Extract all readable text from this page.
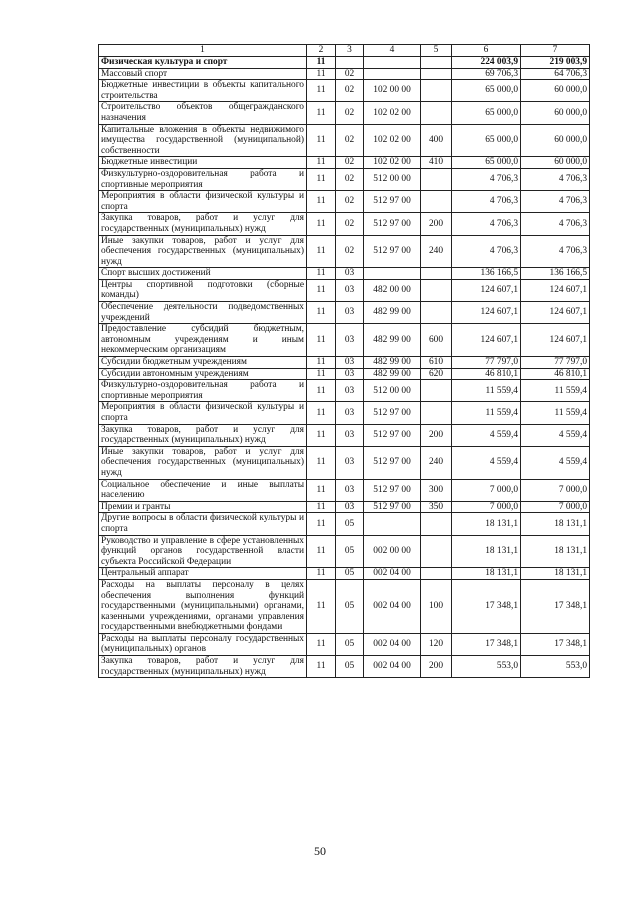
1	2	3	4	5	6	7
Физическая культура и спорт	11				224 003,9	219 003,9
Массовый спорт	11	02			69 706,3	64 706,3
Бюджетные инвестиции в объекты капитального строительства	11	02	102 00 00		65 000,0	60 000,0
Строительство объектов общегражданского назначения	11	02	102 02 00		65 000,0	60 000,0
Капитальные вложения в объекты недвижимого имущества государственной (муниципальной) собственности	11	02	102 02 00	400	65 000,0	60 000,0
Бюджетные инвестиции	11	02	102 02 00	410	65 000,0	60 000,0
Физкультурно-оздоровительная работа и спортивные мероприятия	11	02	512 00 00		4 706,3	4 706,3
Мероприятия в области физической культуры и спорта	11	02	512 97 00		4 706,3	4 706,3
Закупка товаров, работ и услуг для государственных (муниципальных) нужд	11	02	512 97 00	200	4 706,3	4 706,3
Иные закупки товаров, работ и услуг для обеспечения государственных (муниципальных) нужд	11	02	512 97 00	240	4 706,3	4 706,3
Спорт высших достижений	11	03			136 166,5	136 166,5
Центры спортивной подготовки (сборные команды)	11	03	482 00 00		124 607,1	124 607,1
Обеспечение деятельности подведомственных учреждений	11	03	482 99 00		124 607,1	124 607,1
Предоставление субсидий бюджетным, автономным учреждениям и иным некоммерческим организациям	11	03	482 99 00	600	124 607,1	124 607,1
Субсидии бюджетным учреждениям	11	03	482 99 00	610	77 797,0	77 797,0
Субсидии автономным учреждениям	11	03	482 99 00	620	46 810,1	46 810,1
Физкультурно-оздоровительная работа и спортивные мероприятия	11	03	512 00 00		11 559,4	11 559,4
Мероприятия в области физической культуры и спорта	11	03	512 97 00		11 559,4	11 559,4
Закупка товаров, работ и услуг для государственных (муниципальных) нужд	11	03	512 97 00	200	4 559,4	4 559,4
Иные закупки товаров, работ и услуг для обеспечения государственных (муниципальных) нужд	11	03	512 97 00	240	4 559,4	4 559,4
Социальное обеспечение и иные выплаты населению	11	03	512 97 00	300	7 000,0	7 000,0
Премии и гранты	11	03	512 97 00	350	7 000,0	7 000,0
Другие вопросы в области физической культуры и спорта	11	05			18 131,1	18 131,1
Руководство и управление в сфере установленных функций органов государственной власти субъекта Российской Федерации	11	05	002 00 00		18 131,1	18 131,1
Центральный аппарат	11	05	002 04 00		18 131,1	18 131,1
Расходы на выплаты персоналу в целях обеспечения выполнения функций государственными (муниципальными) органами, казенными учреждениями, органами управления государственными внебюджетными фондами	11	05	002 04 00	100	17 348,1	17 348,1
Расходы на выплаты персоналу государственных (муниципальных) органов	11	05	002 04 00	120	17 348,1	17 348,1
Закупка товаров, работ и услуг для государственных (муниципальных) нужд	11	05	002 04 00	200	553,0	553,0
50
